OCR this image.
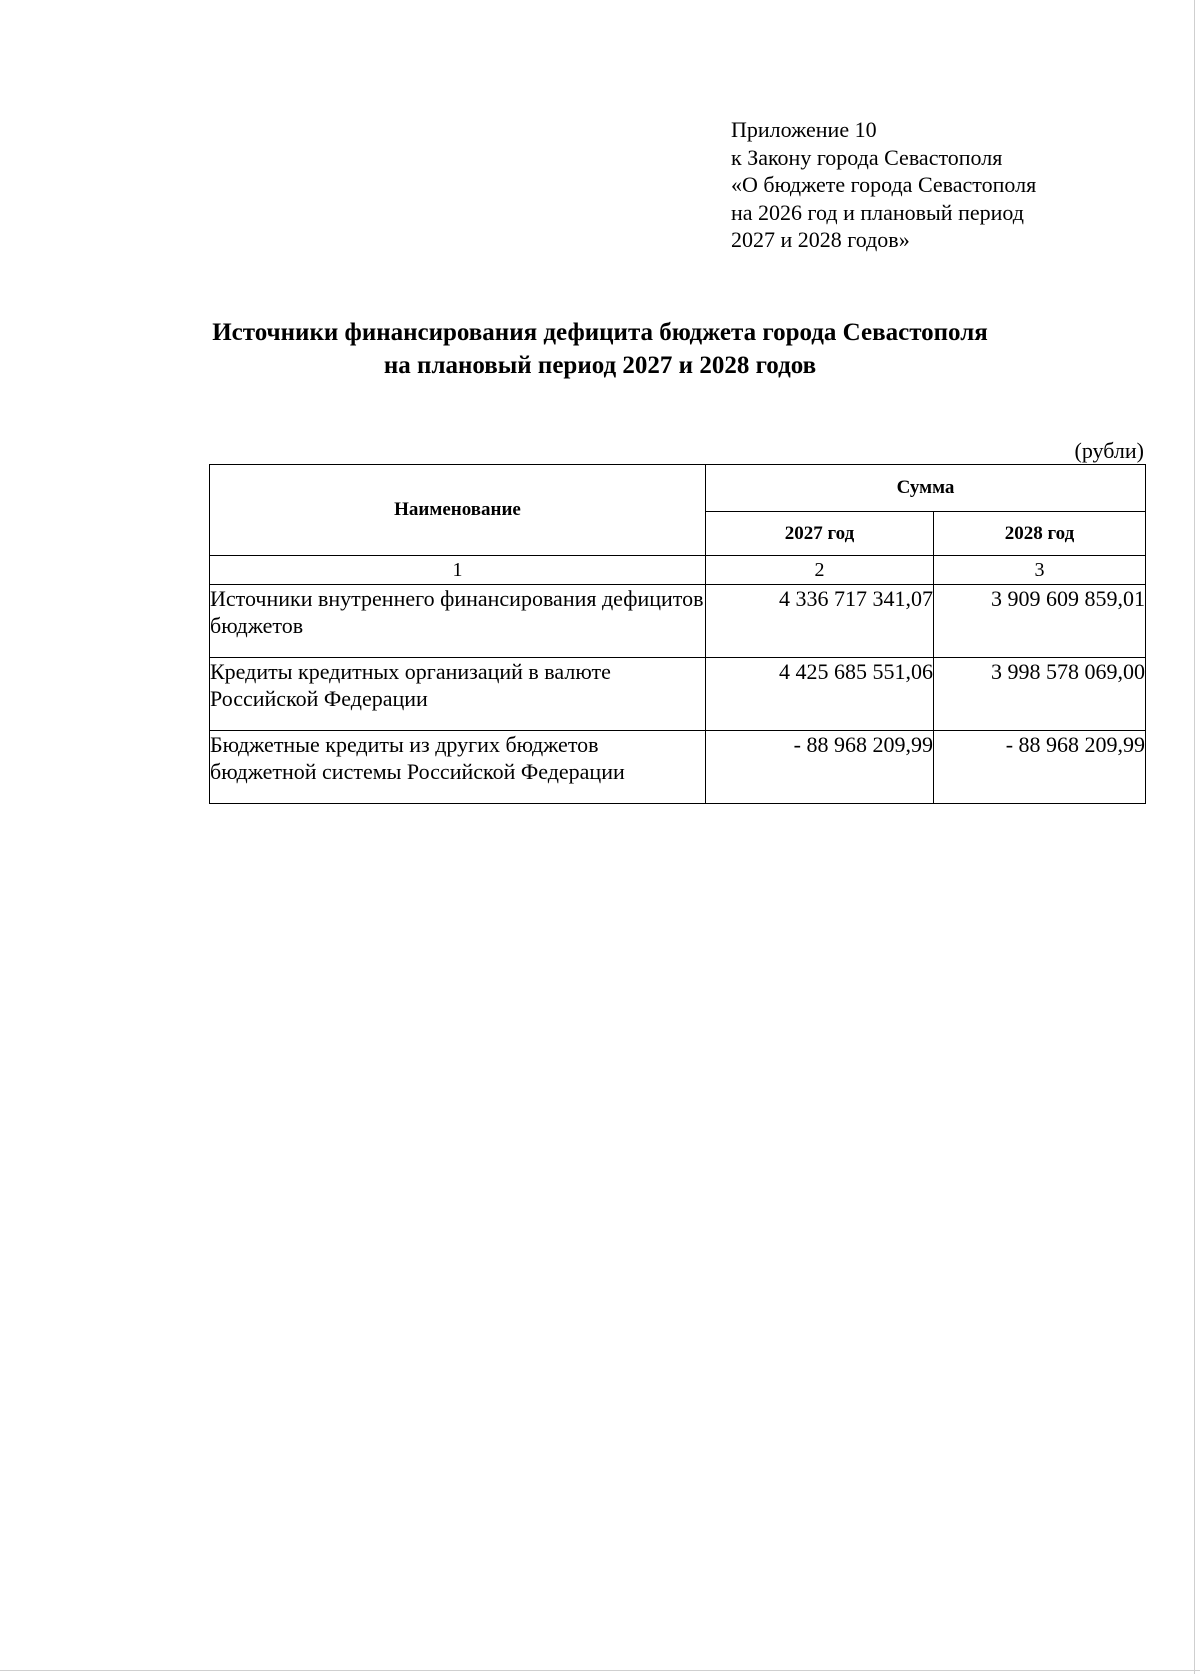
Приложение 10
к Закону города Севастополя
«О бюджете города Севастополя
на 2026 год и плановый период
2027 и 2028 годов»
Источники финансирования дефицита бюджета города Севастополя
на плановый период 2027 и 2028 годов
(рубли)
Наименование	Сумма	
	2027 год	2028 год
1	2	3
Источники внутреннего финансирования дефицитов бюджетов	4 336 717 341,07	3 909 609 859,01
Кредиты кредитных организаций в валюте Российской Федерации	4 425 685 551,06	3 998 578 069,00
Бюджетные кредиты из других бюджетов бюджетной системы Российской Федерации	- 88 968 209,99	- 88 968 209,99
